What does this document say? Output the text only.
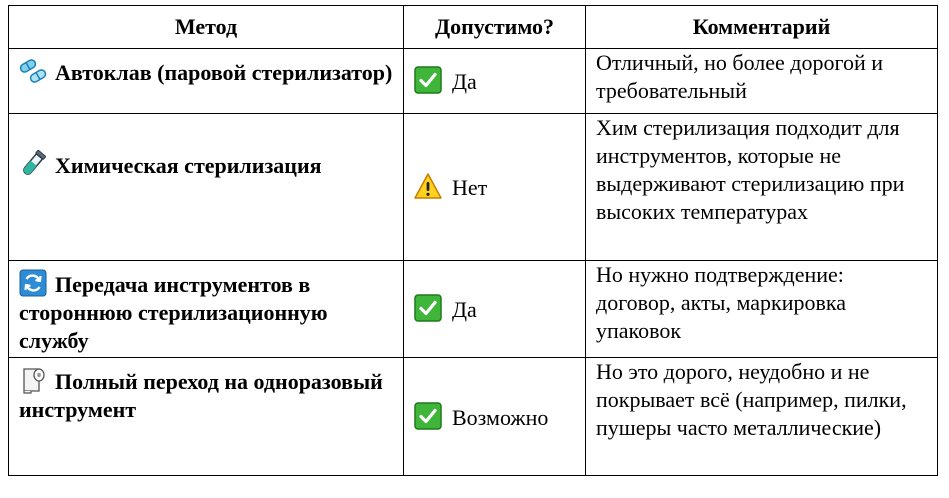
Метод	Допустимо?	Комментарий

Автоклав (паровой стерилизатор)	Да	Отличный, но более дорогой и требовательный

Химическая стерилизация	Нет	Хим стерилизация подходит для инструментов, которые не выдерживают стерилизацию при высоких температурах

Передача инструментов в стороннюю стерилизационную службу	Да	Но нужно подтверждение: договор, акты, маркировка упаковок

Полный переход на одноразовый инструмент	Возможно	Но это дорого, неудобно и не покрывает всё (например, пилки, пушеры часто металлические)
